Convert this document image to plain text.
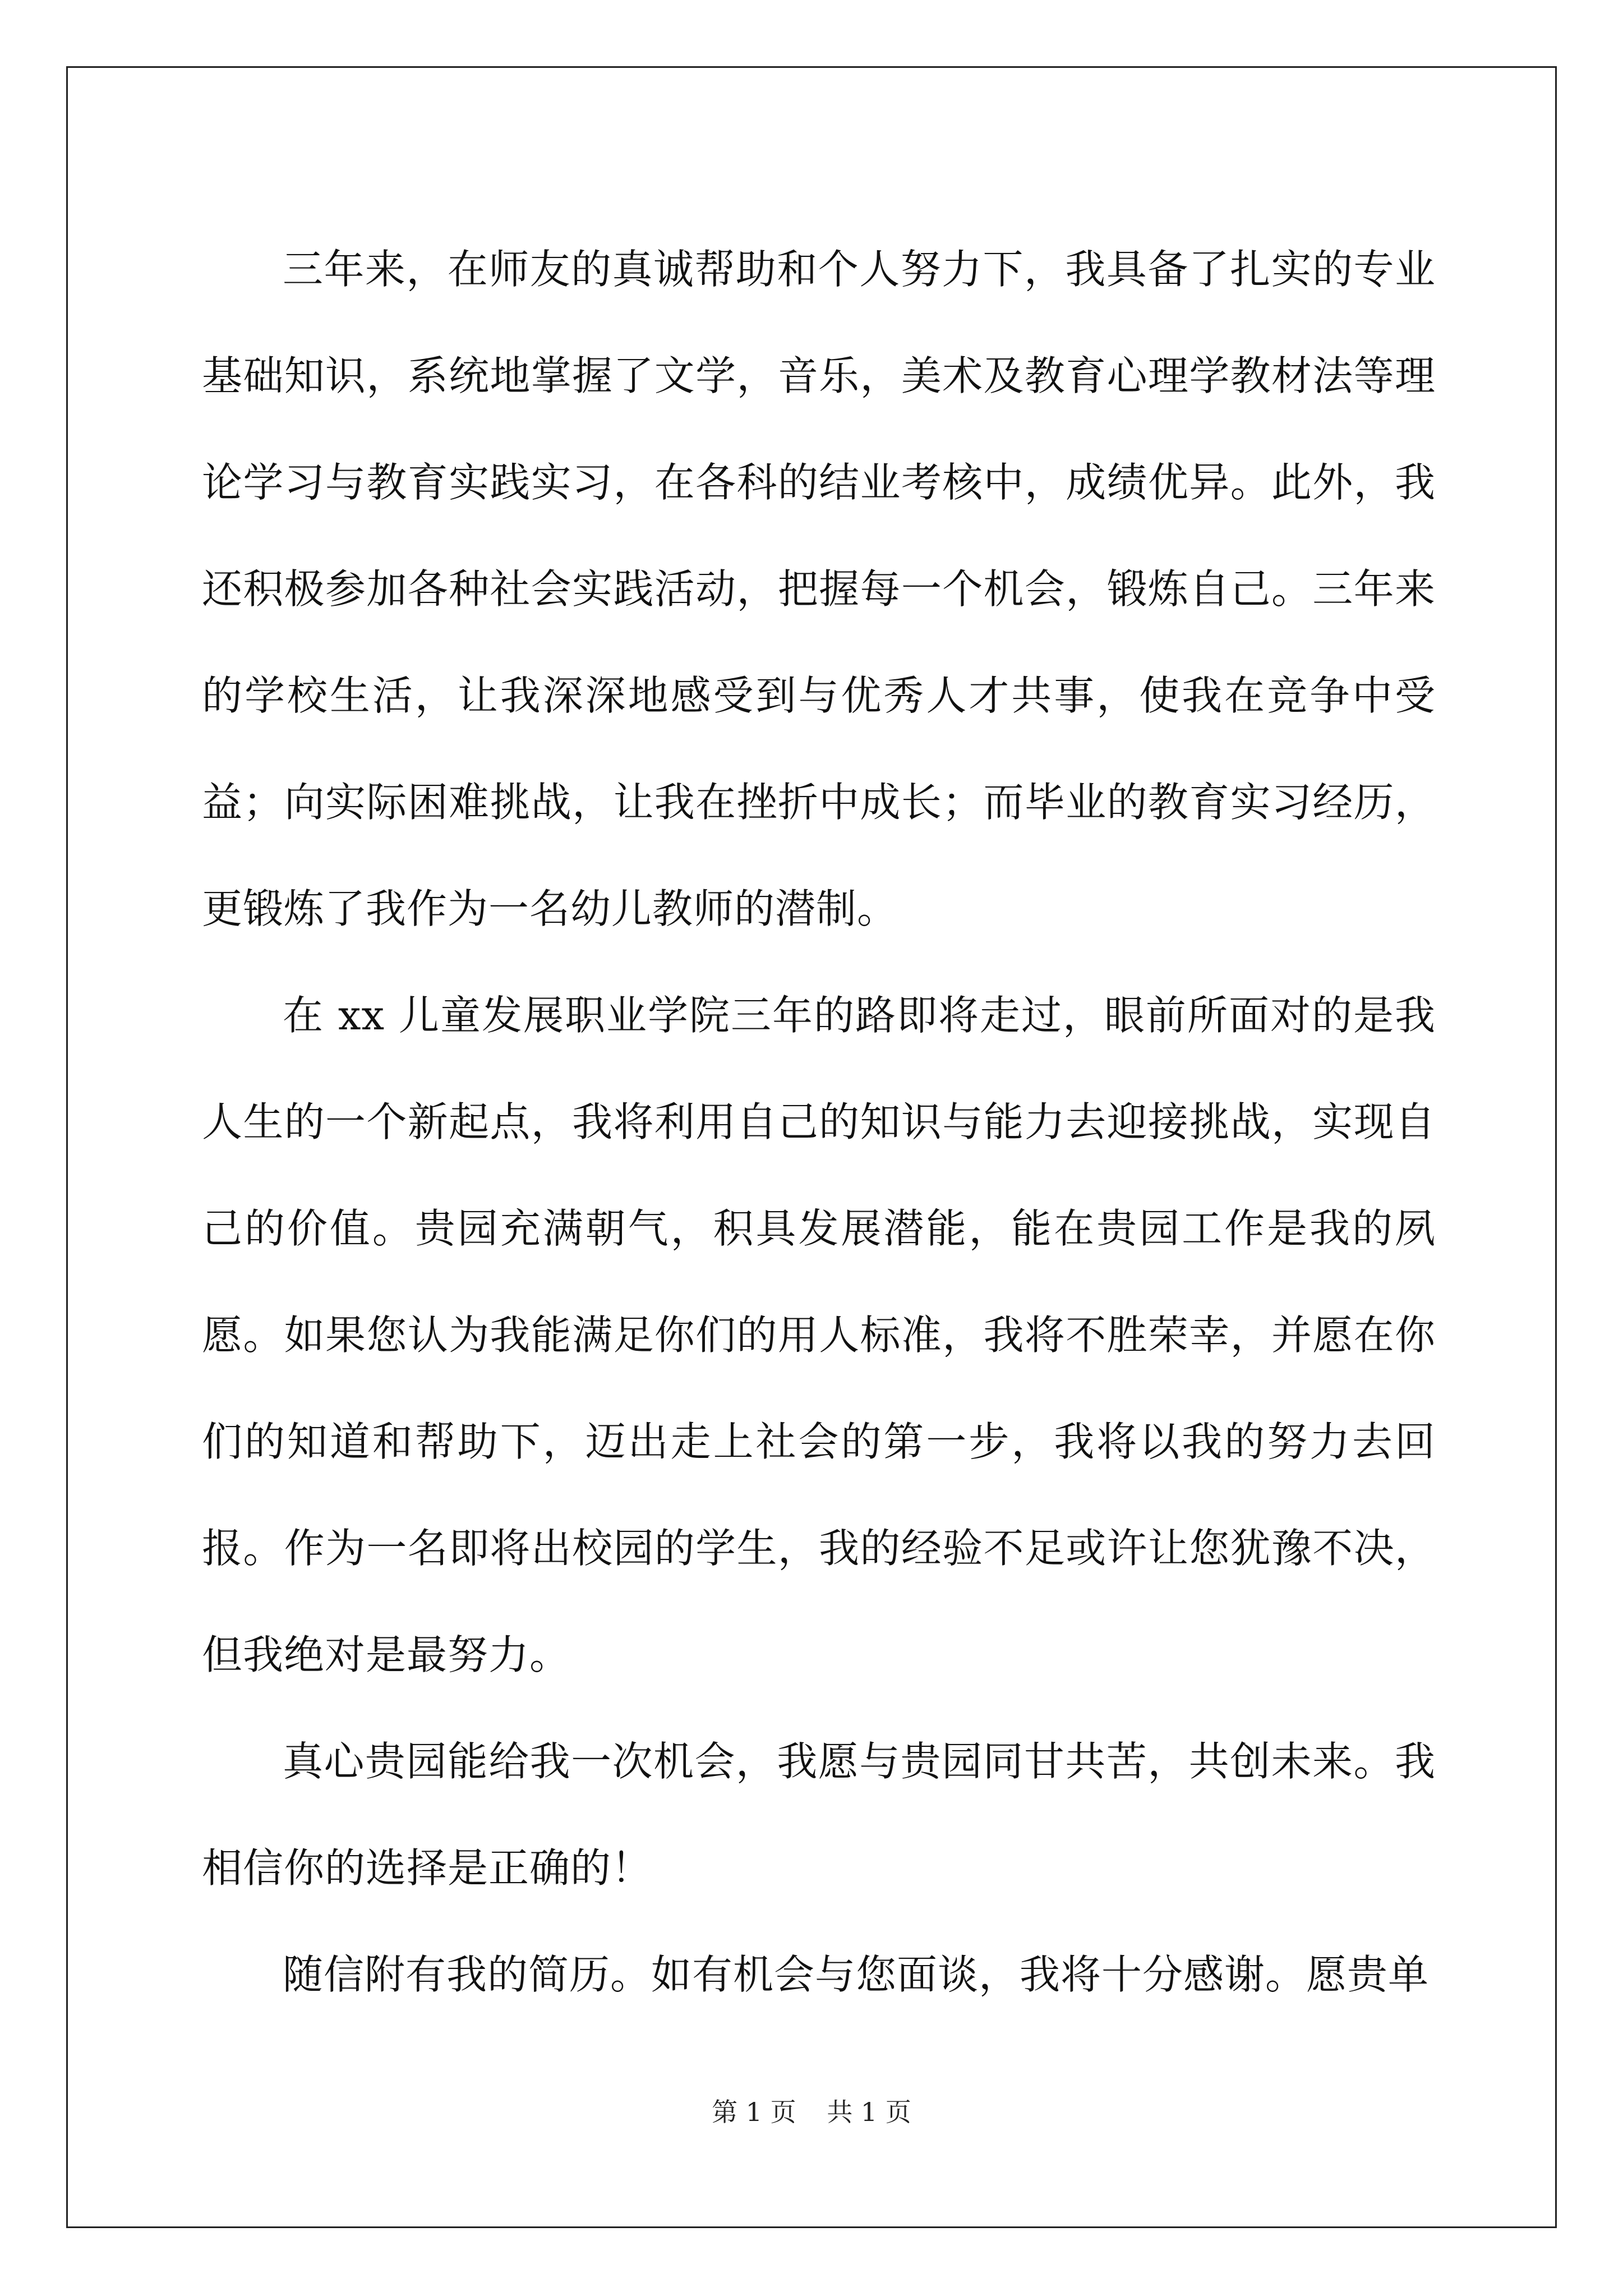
三年来，在师友的真诚帮助和个人努力下，我具备了扎实的专业基础知识，系统地掌握了文学，音乐，美术及教育心理学教材法等理论学习与教育实践实习，在各科的结业考核中，成绩优异。此外，我还积极参加各种社会实践活动，把握每一个机会，锻炼自己。三年来的学校生活，让我深深地感受到与优秀人才共事，使我在竞争中受益；向实际困难挑战，让我在挫折中成长；而毕业的教育实习经历，更锻炼了我作为一名幼儿教师的潜制。

在 xx 儿童发展职业学院三年的路即将走过，眼前所面对的是我人生的一个新起点，我将利用自己的知识与能力去迎接挑战，实现自己的价值。贵园充满朝气，积具发展潜能，能在贵园工作是我的夙愿。如果您认为我能满足你们的用人标准，我将不胜荣幸，并愿在你们的知道和帮助下，迈出走上社会的第一步，我将以我的努力去回报。作为一名即将出校园的学生，我的经验不足或许让您犹豫不决，但我绝对是最努力。

真心贵园能给我一次机会，我愿与贵园同甘共苦，共创未来。我相信你的选择是正确的！

随信附有我的简历。如有机会与您面谈，我将十分感谢。愿贵单

第 1 页 共 1 页
